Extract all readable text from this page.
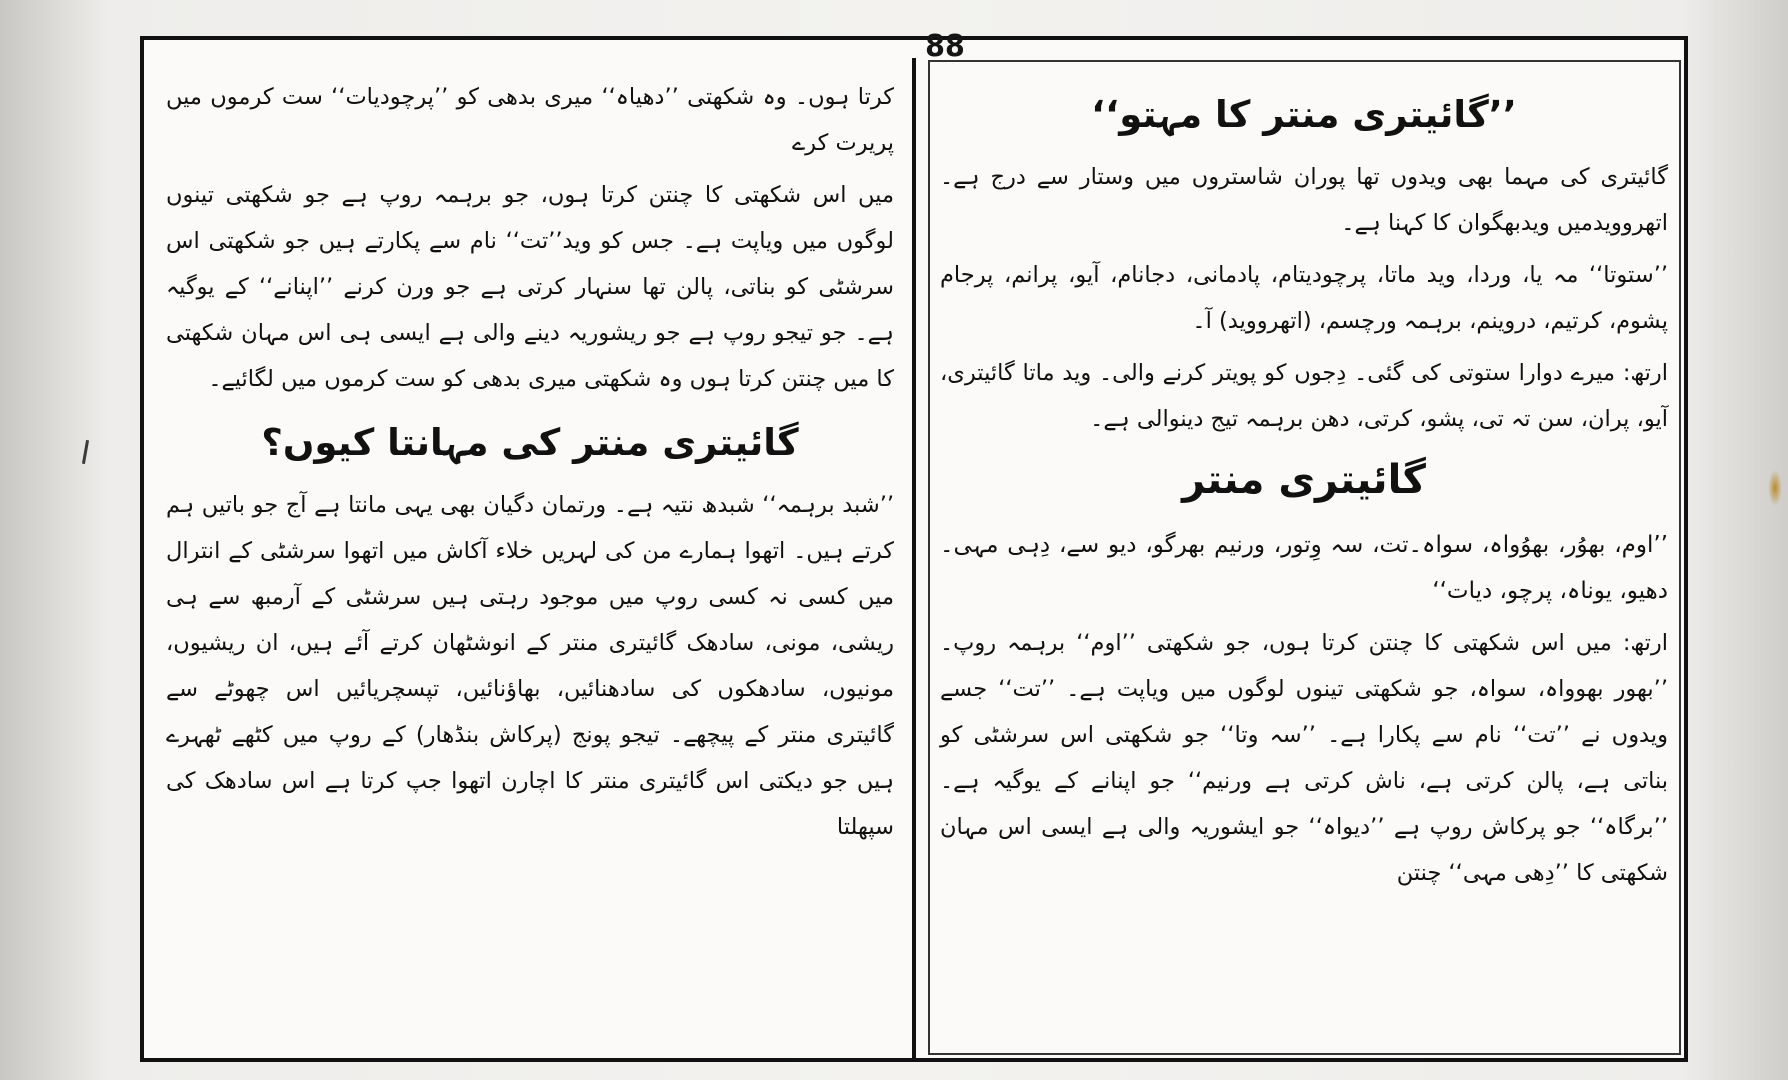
88
’’گائیتری منتر کا مہتو‘‘

گائیتری کی مہما بھی ویدوں تھا پوران شاستروں میں وستار سے درج ہے۔اتھروویدمیں ویدبھگوان کا کہنا ہے۔

’’ستوتا‘‘ مہ یا، وردا، وید ماتا، پرچودیتام، پادمانی، دجانام، آیو، پرانم، پرجام پشوم، کرتیم، دروینم، برہمہ ورچسم، (اتھرووید) آ۔

ارتھ: میرے دوارا ستوتی کی گئی۔ دِجوں کو پویتر کرنے والی۔ وید ماتا گائیتری، آیو، پران، سن تہ تی، پشو، کرتی، دھن برہمہ تیج دینوالی ہے۔

گائیتری منتر

’’اوم، بھوُر، بھوُواہ، سواہ۔تت، سہ وِتور، ورنیم بھرگو، دیو سے، دِہی مہی۔دھیو، یوناہ، پرچو، دیات‘‘

ارتھ: میں اس شکھتی کا چنتن کرتا ہوں، جو شکھتی ’’اوم‘‘ برہمہ روپ۔ ’’بھور بھوواہ، سواہ، جو شکھتی تینوں لوگوں میں ویاپت ہے۔ ’’تت‘‘ جسے ویدوں نے ’’تت‘‘ نام سے پکارا ہے۔ ’’سہ وتا‘‘ جو شکھتی اس سرشٹی کو بناتی ہے، پالن کرتی ہے، ناش کرتی ہے ورنیم‘‘ جو اپنانے کے یوگیہ ہے۔ ’’برگاہ‘‘ جو پرکاش روپ ہے ’’دیواہ‘‘ جو ایشوریہ والی ہے ایسی اس مہان شکھتی کا ’’دِھی مہی‘‘ چنتن

کرتا ہوں۔ وہ شکھتی ’’دھیاہ‘‘ میری بدھی کو ’’پرچودیات‘‘ ست کرموں میں پریرت کرے

میں اس شکھتی کا چنتن کرتا ہوں، جو برہمہ روپ ہے جو شکھتی تینوں لوگوں میں ویاپت ہے۔ جس کو وید’’تت‘‘ نام سے پکارتے ہیں جو شکھتی اس سرشٹی کو بناتی، پالن تھا سنہار کرتی ہے جو ورن کرنے ’’اپنانے‘‘ کے یوگیہ ہے۔ جو تیجو روپ ہے جو ریشوریہ دینے والی ہے ایسی ہی اس مہان شکھتی کا میں چنتن کرتا ہوں وہ شکھتی میری بدھی کو ست کرموں میں لگائیے۔

گائیتری منتر کی مہانتا کیوں؟

’’شبد برہمہ‘‘ شبدھ نتیہ ہے۔ ورتمان دگیان بھی یہی مانتا ہے آج جو باتیں ہم کرتے ہیں۔ اتھوا ہمارے من کی لہریں خلاء آکاش میں اتھوا سرشٹی کے انترال میں کسی نہ کسی روپ میں موجود رہتی ہیں سرشٹی کے آرمبھ سے ہی ریشی، مونی، سادھک گائیتری منتر کے انوشٹھان کرتے آئے ہیں، ان ریشیوں، مونیوں، سادھکوں کی سادھنائیں، بھاؤنائیں، تپسچریائیں اس چھوٹے سے گائیتری منتر کے پیچھے۔ تیجو پونج (پرکاش بنڈھار) کے روپ میں کٹھے ٹھہرے ہیں جو دیکتی اس گائیتری منتر کا اچارن اتھوا جپ کرتا ہے اس سادھک کی سپھلتا
